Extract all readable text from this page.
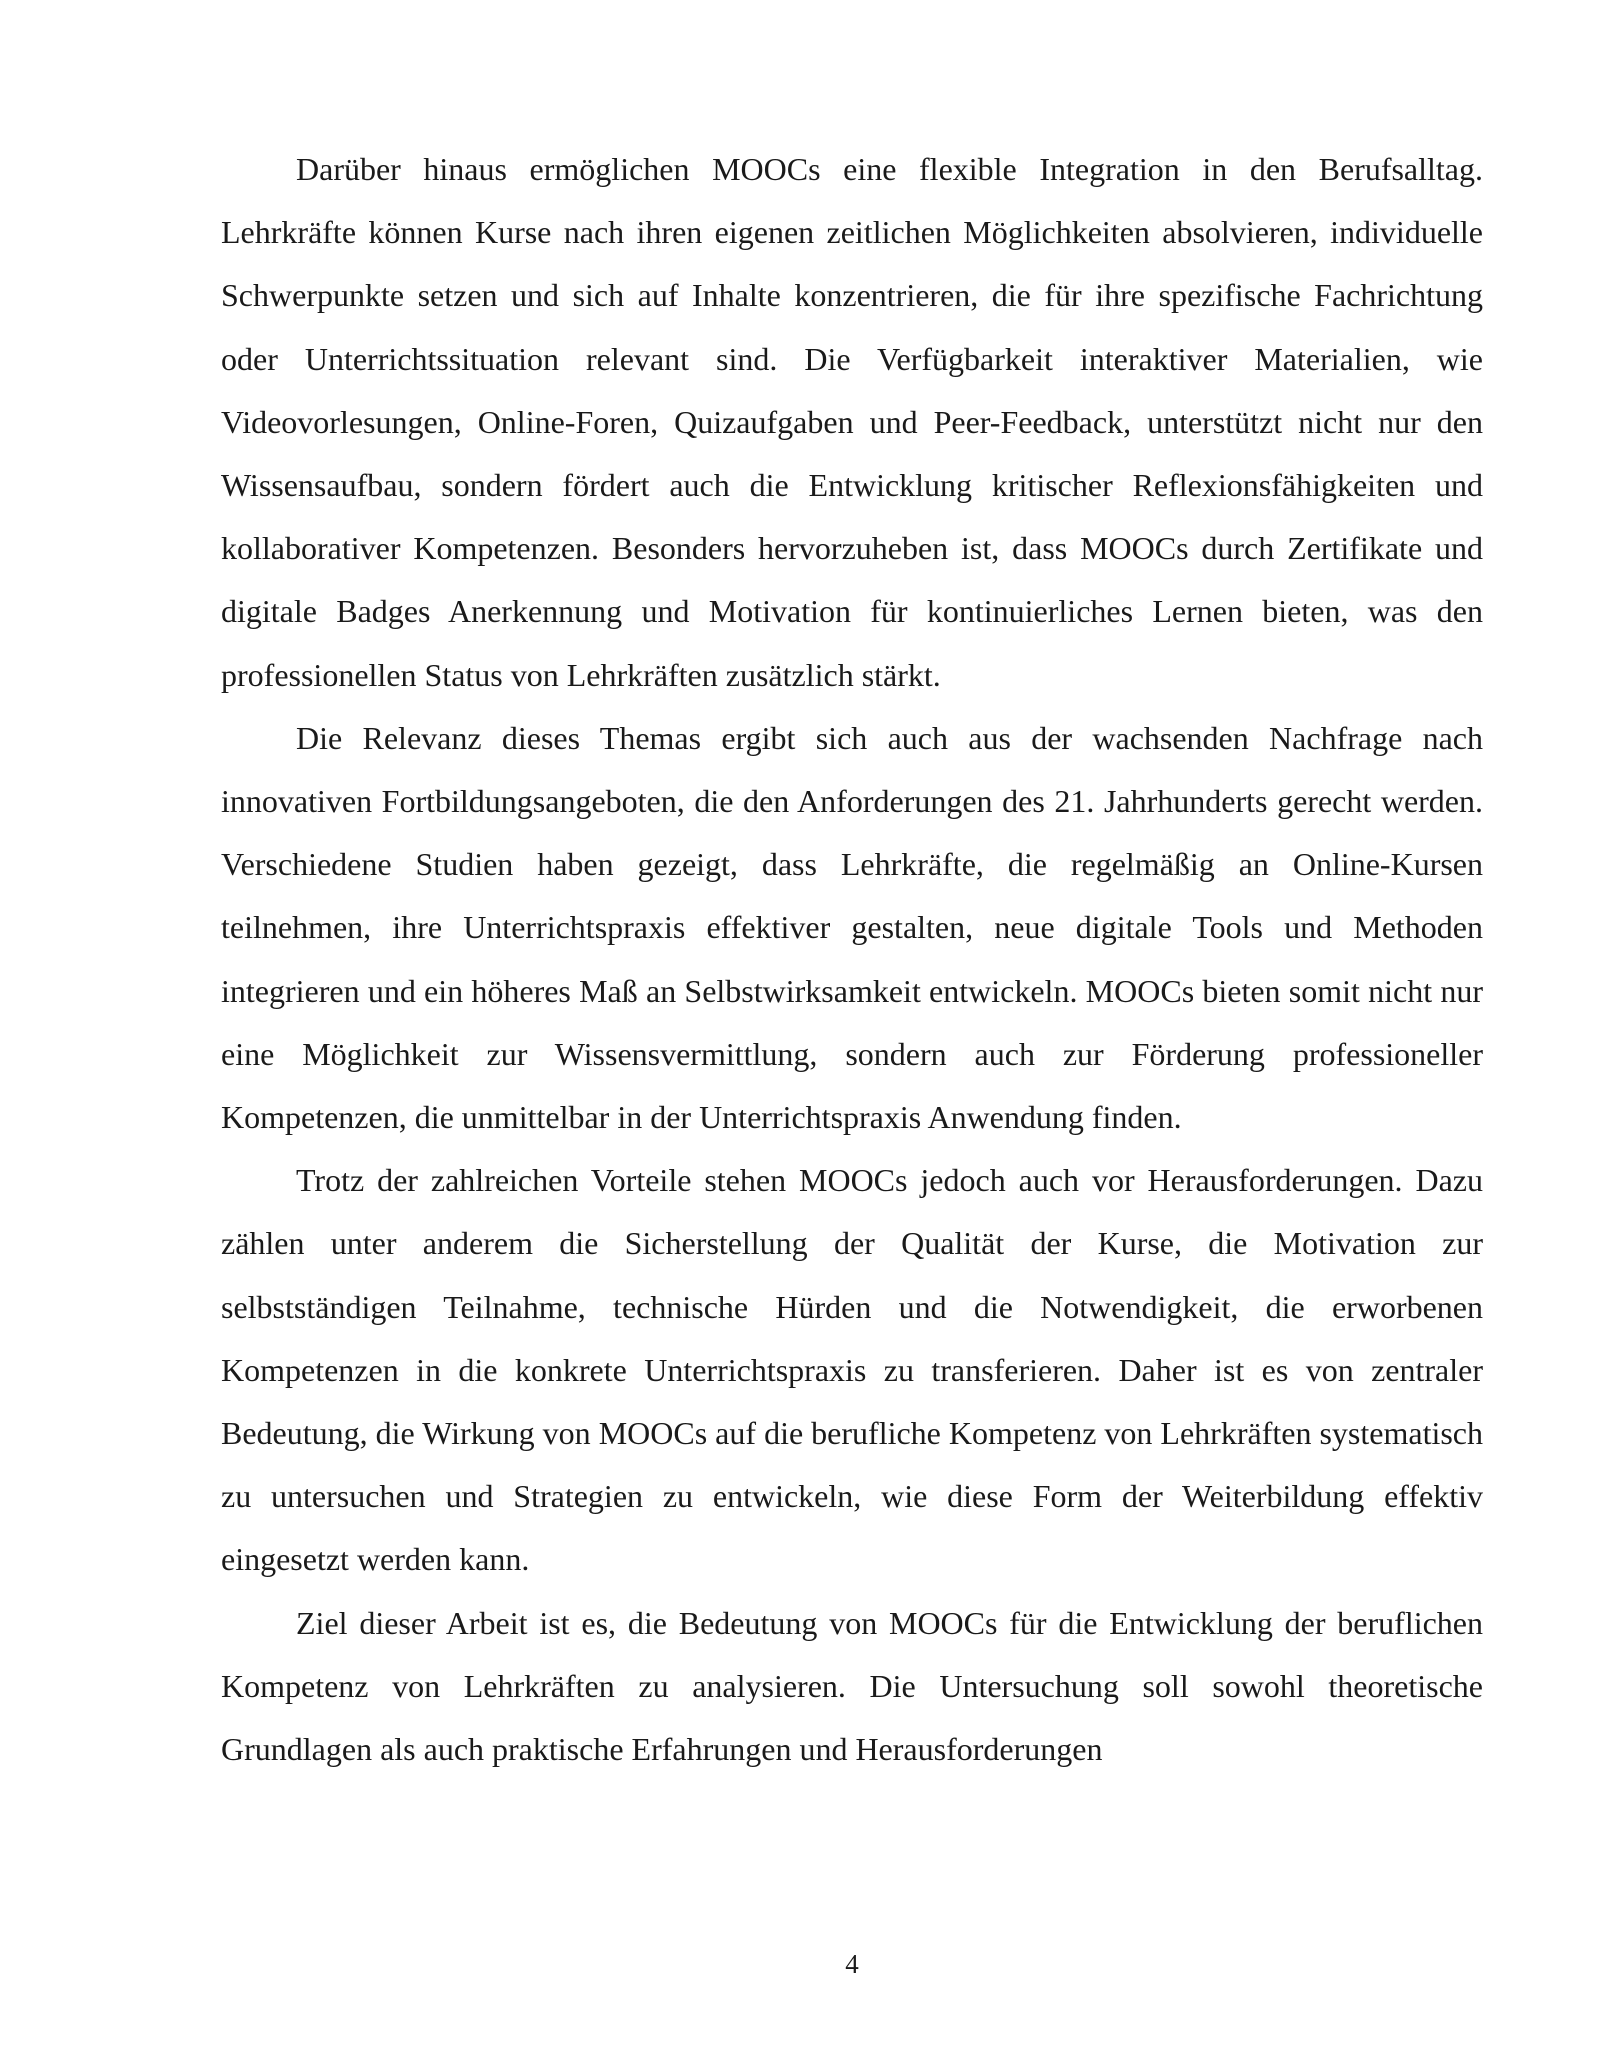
Darüber hinaus ermöglichen MOOCs eine flexible Integration in den Berufsalltag. Lehrkräfte können Kurse nach ihren eigenen zeitlichen Möglichkeiten absolvieren, individuelle Schwerpunkte setzen und sich auf Inhalte konzentrieren, die für ihre spezifische Fachrichtung oder Unterrichtssituation relevant sind. Die Verfügbarkeit interaktiver Materialien, wie Videovorlesungen, Online-Foren, Quizaufgaben und Peer-Feedback, unterstützt nicht nur den Wissensaufbau, sondern fördert auch die Entwicklung kritischer Reflexionsfähigkeiten und kollaborativer Kompetenzen. Besonders hervorzuheben ist, dass MOOCs durch Zertifikate und digitale Badges Anerkennung und Motivation für kontinuierliches Lernen bieten, was den professionellen Status von Lehrkräften zusätzlich stärkt.

Die Relevanz dieses Themas ergibt sich auch aus der wachsenden Nachfrage nach innovativen Fortbildungsangeboten, die den Anforderungen des 21. Jahrhunderts gerecht werden. Verschiedene Studien haben gezeigt, dass Lehrkräfte, die regelmäßig an Online-Kursen teilnehmen, ihre Unterrichtspraxis effektiver gestalten, neue digitale Tools und Methoden integrieren und ein höheres Maß an Selbstwirksamkeit entwickeln. MOOCs bieten somit nicht nur eine Möglichkeit zur Wissensvermittlung, sondern auch zur Förderung professioneller Kompetenzen, die unmittelbar in der Unterrichtspraxis Anwendung finden.

Trotz der zahlreichen Vorteile stehen MOOCs jedoch auch vor Herausforderungen. Dazu zählen unter anderem die Sicherstellung der Qualität der Kurse, die Motivation zur selbstständigen Teilnahme, technische Hürden und die Notwendigkeit, die erworbenen Kompetenzen in die konkrete Unterrichtspraxis zu transferieren. Daher ist es von zentraler Bedeutung, die Wirkung von MOOCs auf die berufliche Kompetenz von Lehrkräften systematisch zu untersuchen und Strategien zu entwickeln, wie diese Form der Weiterbildung effektiv eingesetzt werden kann.

Ziel dieser Arbeit ist es, die Bedeutung von MOOCs für die Entwicklung der beruflichen Kompetenz von Lehrkräften zu analysieren. Die Untersuchung soll sowohl theoretische Grundlagen als auch praktische Erfahrungen und Herausforderungen

4
